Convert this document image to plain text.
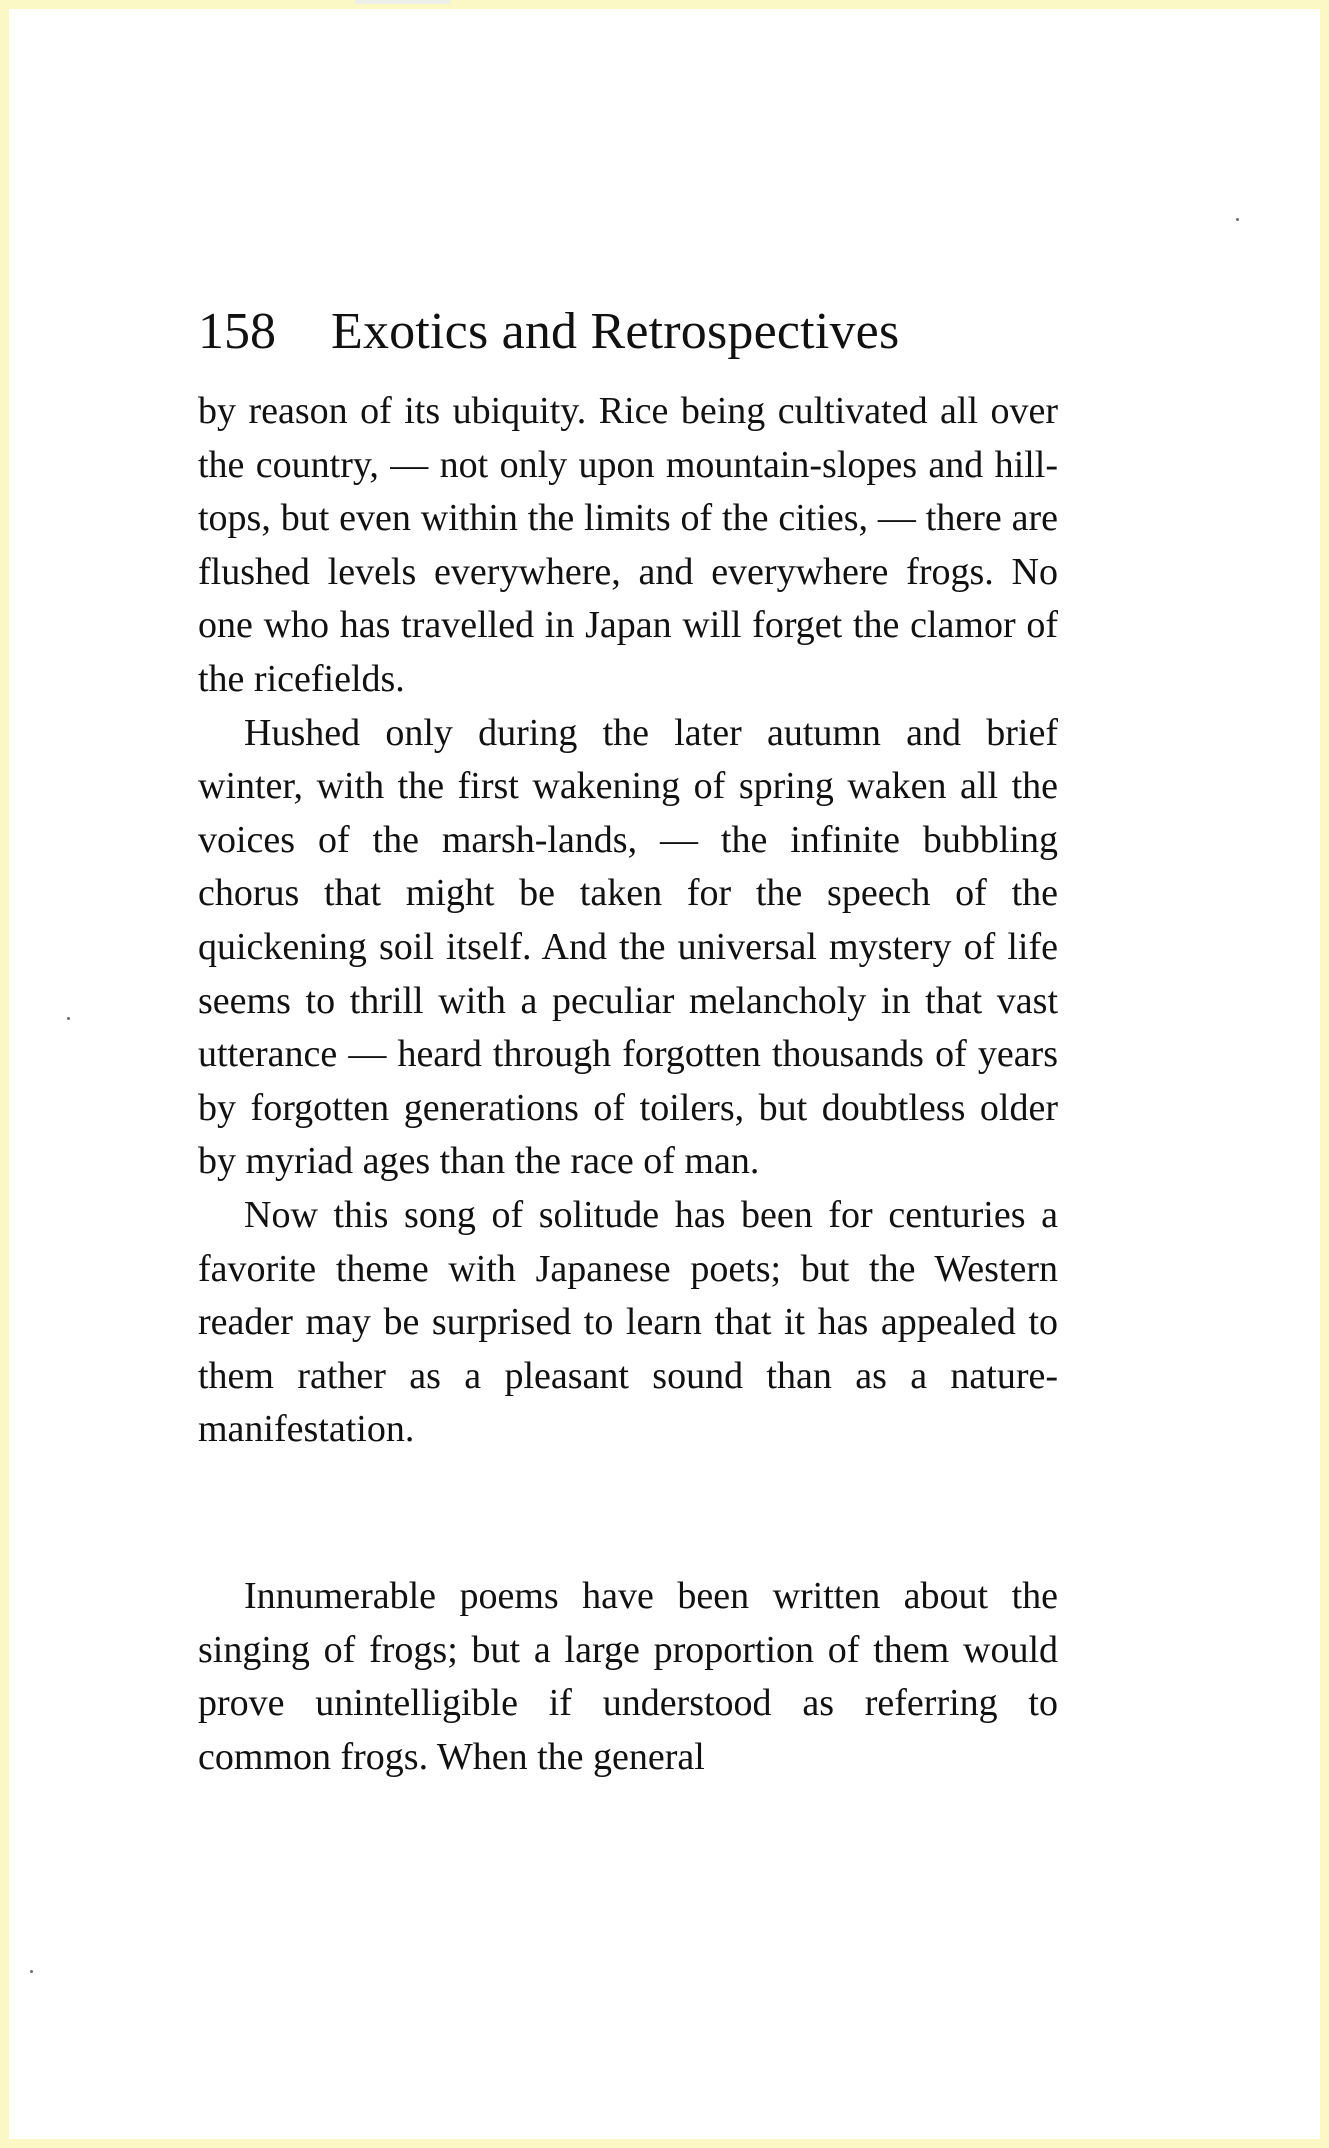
158 Exotics and Retrospectives

by reason of its ubiquity. Rice being cultivated all over the country, — not only upon mountain-slopes and hill-tops, but even within the limits of the cities, — there are flushed levels everywhere, and everywhere frogs. No one who has travelled in Japan will forget the clamor of the ricefields.

Hushed only during the later autumn and brief winter, with the first wakening of spring waken all the voices of the marsh-lands, — the infinite bubbling chorus that might be taken for the speech of the quickening soil itself. And the universal mystery of life seems to thrill with a peculiar melancholy in that vast utterance — heard through forgotten thousands of years by forgotten generations of toilers, but doubtless older by myriad ages than the race of man.

Now this song of solitude has been for centuries a favorite theme with Japanese poets; but the Western reader may be surprised to learn that it has appealed to them rather as a pleasant sound than as a nature-manifestation.

Innumerable poems have been written about the singing of frogs; but a large proportion of them would prove unintelligible if understood as referring to common frogs. When the general
